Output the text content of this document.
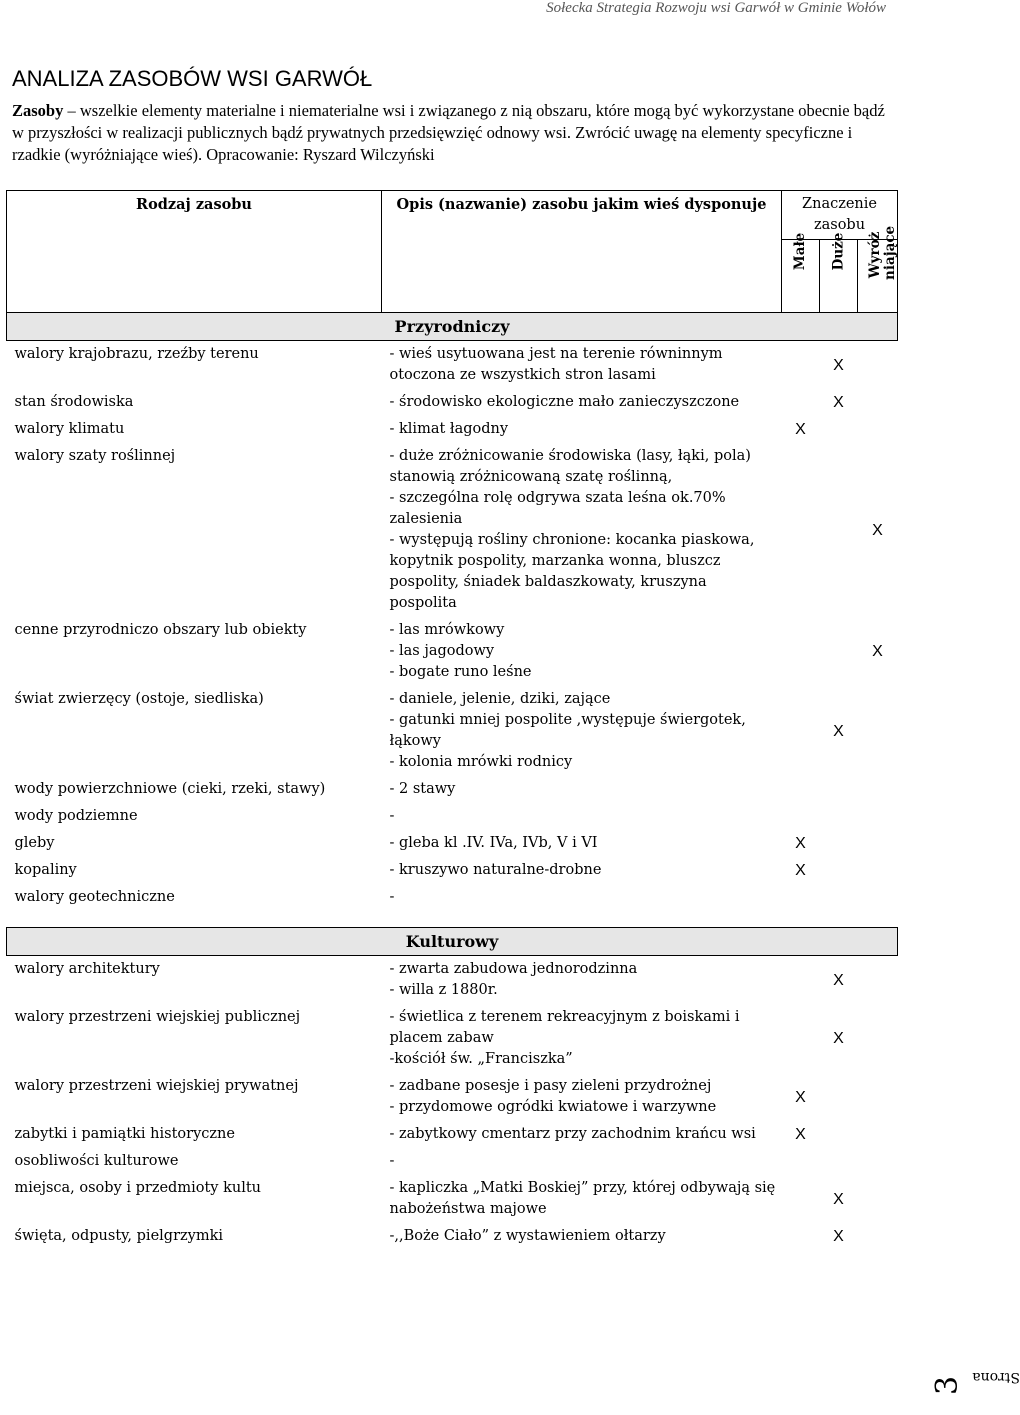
Sołecka Strategia Rozwoju wsi Garwół w Gminie Wołów
ANALIZA ZASOBÓW WSI GARWÓŁ
Zasoby – wszelkie elementy materialne i niematerialne wsi i związanego z nią obszaru, które mogą być wykorzystane obecnie bądź w przyszłości w realizacji publicznych bądź prywatnych przedsięwzięć odnowy wsi. Zwrócić uwagę na elementy specyficzne i rzadkie (wyróżniające wieś). Opracowanie: Ryszard Wilczyński
Rodzaj zasobu	Opis (nazwanie) zasobu jakim wieś dysponuje	Znaczenie zasobu		
		Małe	Duże	Wyróż niające
Przyrodniczy				
walory krajobrazu, rzeźby terenu	- wieś usytuowana jest na terenie równinnym otoczona ze wszystkich stron lasami		X	
stan środowiska	- środowisko ekologiczne mało zanieczyszczone		X	
walory klimatu	- klimat łagodny	X		
walory szaty roślinnej	- duże zróżnicowanie środowiska (lasy, łąki, pola) stanowią zróżnicowaną szatę roślinną,
- szczególna rolę odgrywa szata leśna ok.70% zalesienia
- występują rośliny chronione: kocanka piaskowa, kopytnik pospolity, marzanka wonna, bluszcz pospolity, śniadek baldaszkowaty, kruszyna pospolita			X
cenne przyrodniczo obszary lub obiekty	- las mrówkowy
- las jagodowy
- bogate runo leśne			X
świat zwierzęcy (ostoje, siedliska)	- daniele, jelenie, dziki, zające
- gatunki mniej pospolite ,występuje świergotek, łąkowy
- kolonia mrówki rodnicy		X	
wody powierzchniowe (cieki, rzeki, stawy)	- 2 stawy			
wody podziemne	-			
gleby	- gleba kl .IV. IVa, IVb, V i VI	X		
kopaliny	- kruszywo naturalne-drobne	X		
walory geotechniczne	-			

Kulturowy				
walory architektury	- zwarta zabudowa jednorodzinna
- willa z 1880r.		X	
walory przestrzeni wiejskiej publicznej	- świetlica z terenem rekreacyjnym z boiskami i placem zabaw
-kościół św. „Franciszka”		X	
walory przestrzeni wiejskiej prywatnej	- zadbane posesje i pasy zieleni przydrożnej
- przydomowe ogródki kwiatowe i warzywne	X		
zabytki i pamiątki historyczne	- zabytkowy cmentarz przy zachodnim krańcu wsi	X		
osobliwości kulturowe	-			
miejsca, osoby i przedmioty kultu	- kapliczka „Matki Boskiej” przy, której odbywają się nabożeństwa majowe		X	
święta, odpusty, pielgrzymki	-,,Boże Ciało” z wystawieniem ołtarzy		X	

Strona
3
